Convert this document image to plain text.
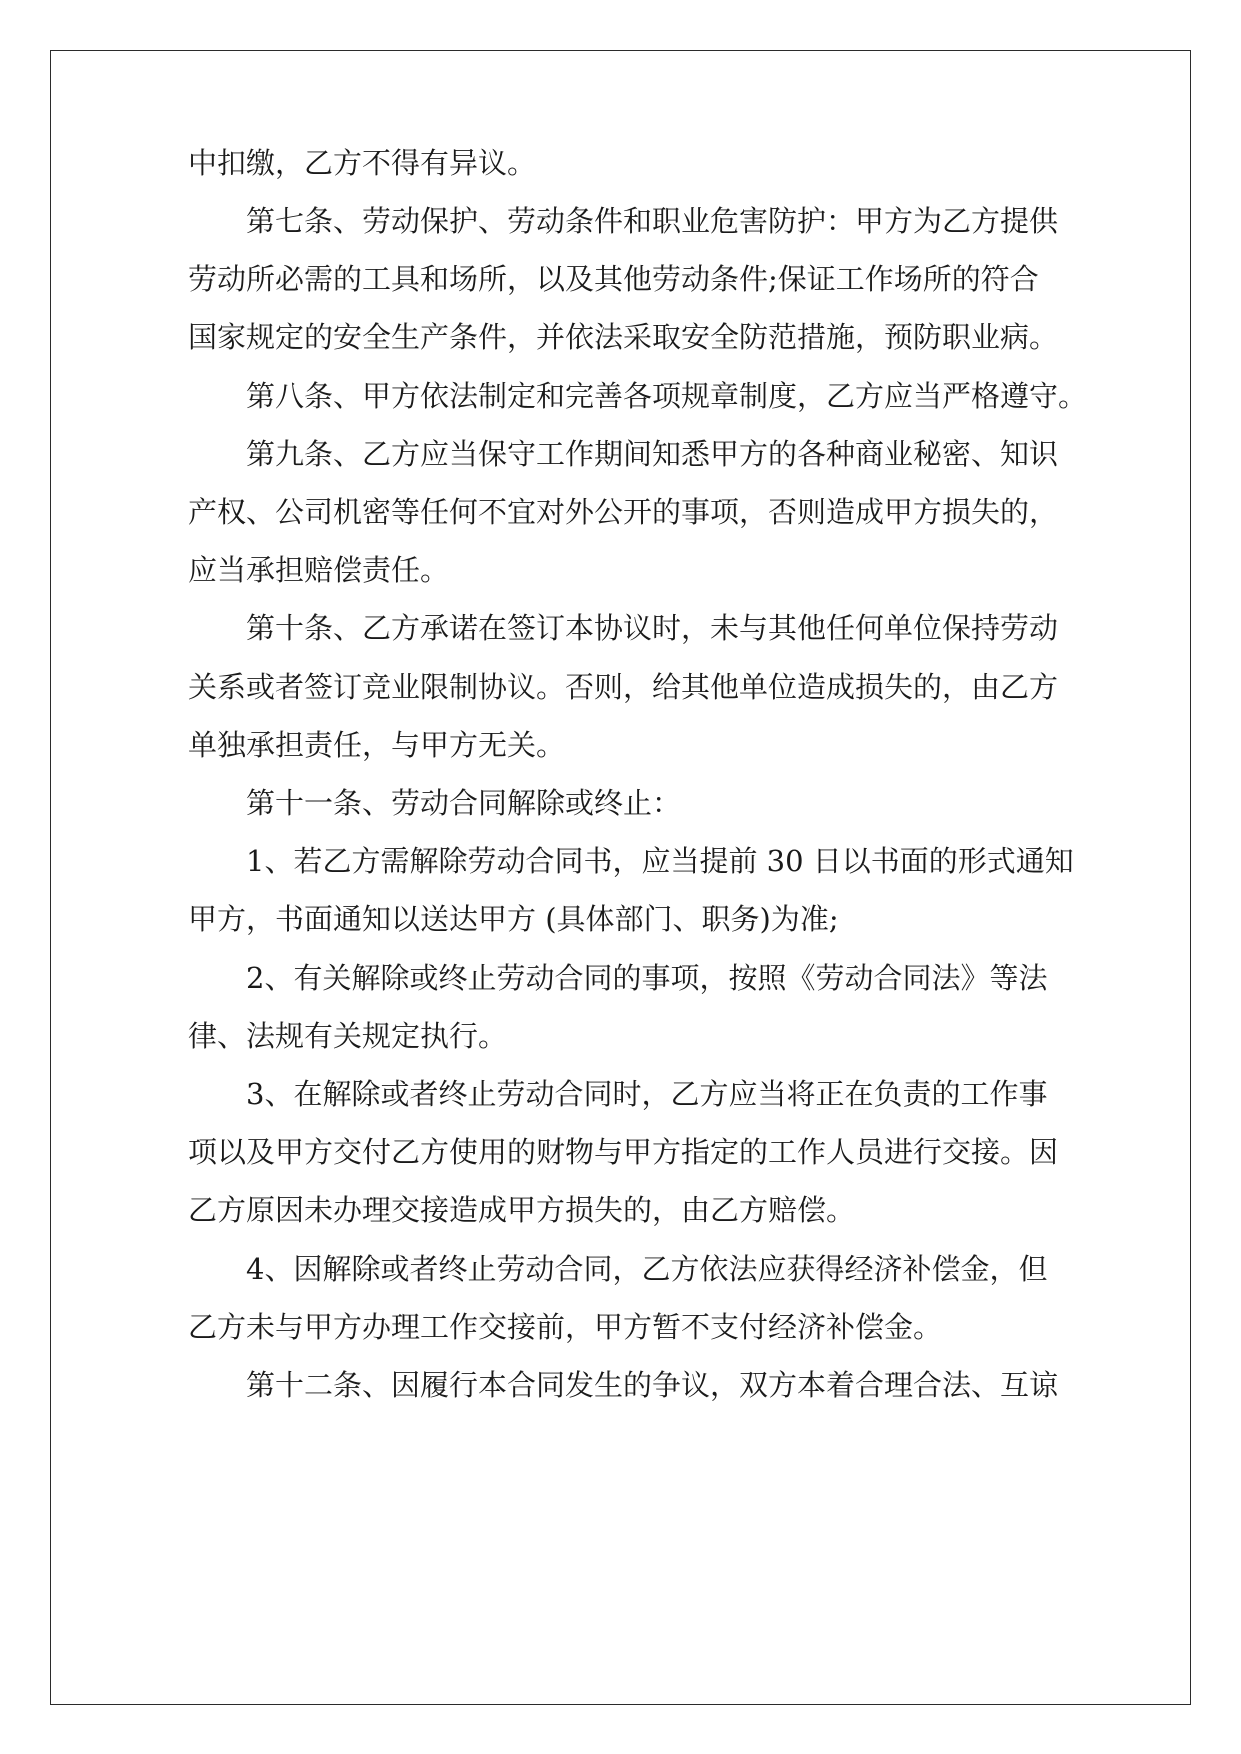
中扣缴，乙方不得有异议。
第七条、劳动保护、劳动条件和职业危害防护：甲方为乙方提供
劳动所必需的工具和场所，以及其他劳动条件;保证工作场所的符合
国家规定的安全生产条件，并依法采取安全防范措施，预防职业病。
第八条、甲方依法制定和完善各项规章制度，乙方应当严格遵守。
第九条、乙方应当保守工作期间知悉甲方的各种商业秘密、知识
产权、公司机密等任何不宜对外公开的事项，否则造成甲方损失的，
应当承担赔偿责任。
第十条、乙方承诺在签订本协议时，未与其他任何单位保持劳动
关系或者签订竞业限制协议。否则，给其他单位造成损失的，由乙方
单独承担责任，与甲方无关。
第十一条、劳动合同解除或终止：
1、若乙方需解除劳动合同书，应当提前 30 日以书面的形式通知
甲方，书面通知以送达甲方 (具体部门、职务)为准;
2、有关解除或终止劳动合同的事项，按照《劳动合同法》等法
律、法规有关规定执行。
3、在解除或者终止劳动合同时，乙方应当将正在负责的工作事
项以及甲方交付乙方使用的财物与甲方指定的工作人员进行交接。因
乙方原因未办理交接造成甲方损失的，由乙方赔偿。
4、因解除或者终止劳动合同，乙方依法应获得经济补偿金，但
乙方未与甲方办理工作交接前，甲方暂不支付经济补偿金。
第十二条、因履行本合同发生的争议，双方本着合理合法、互谅
